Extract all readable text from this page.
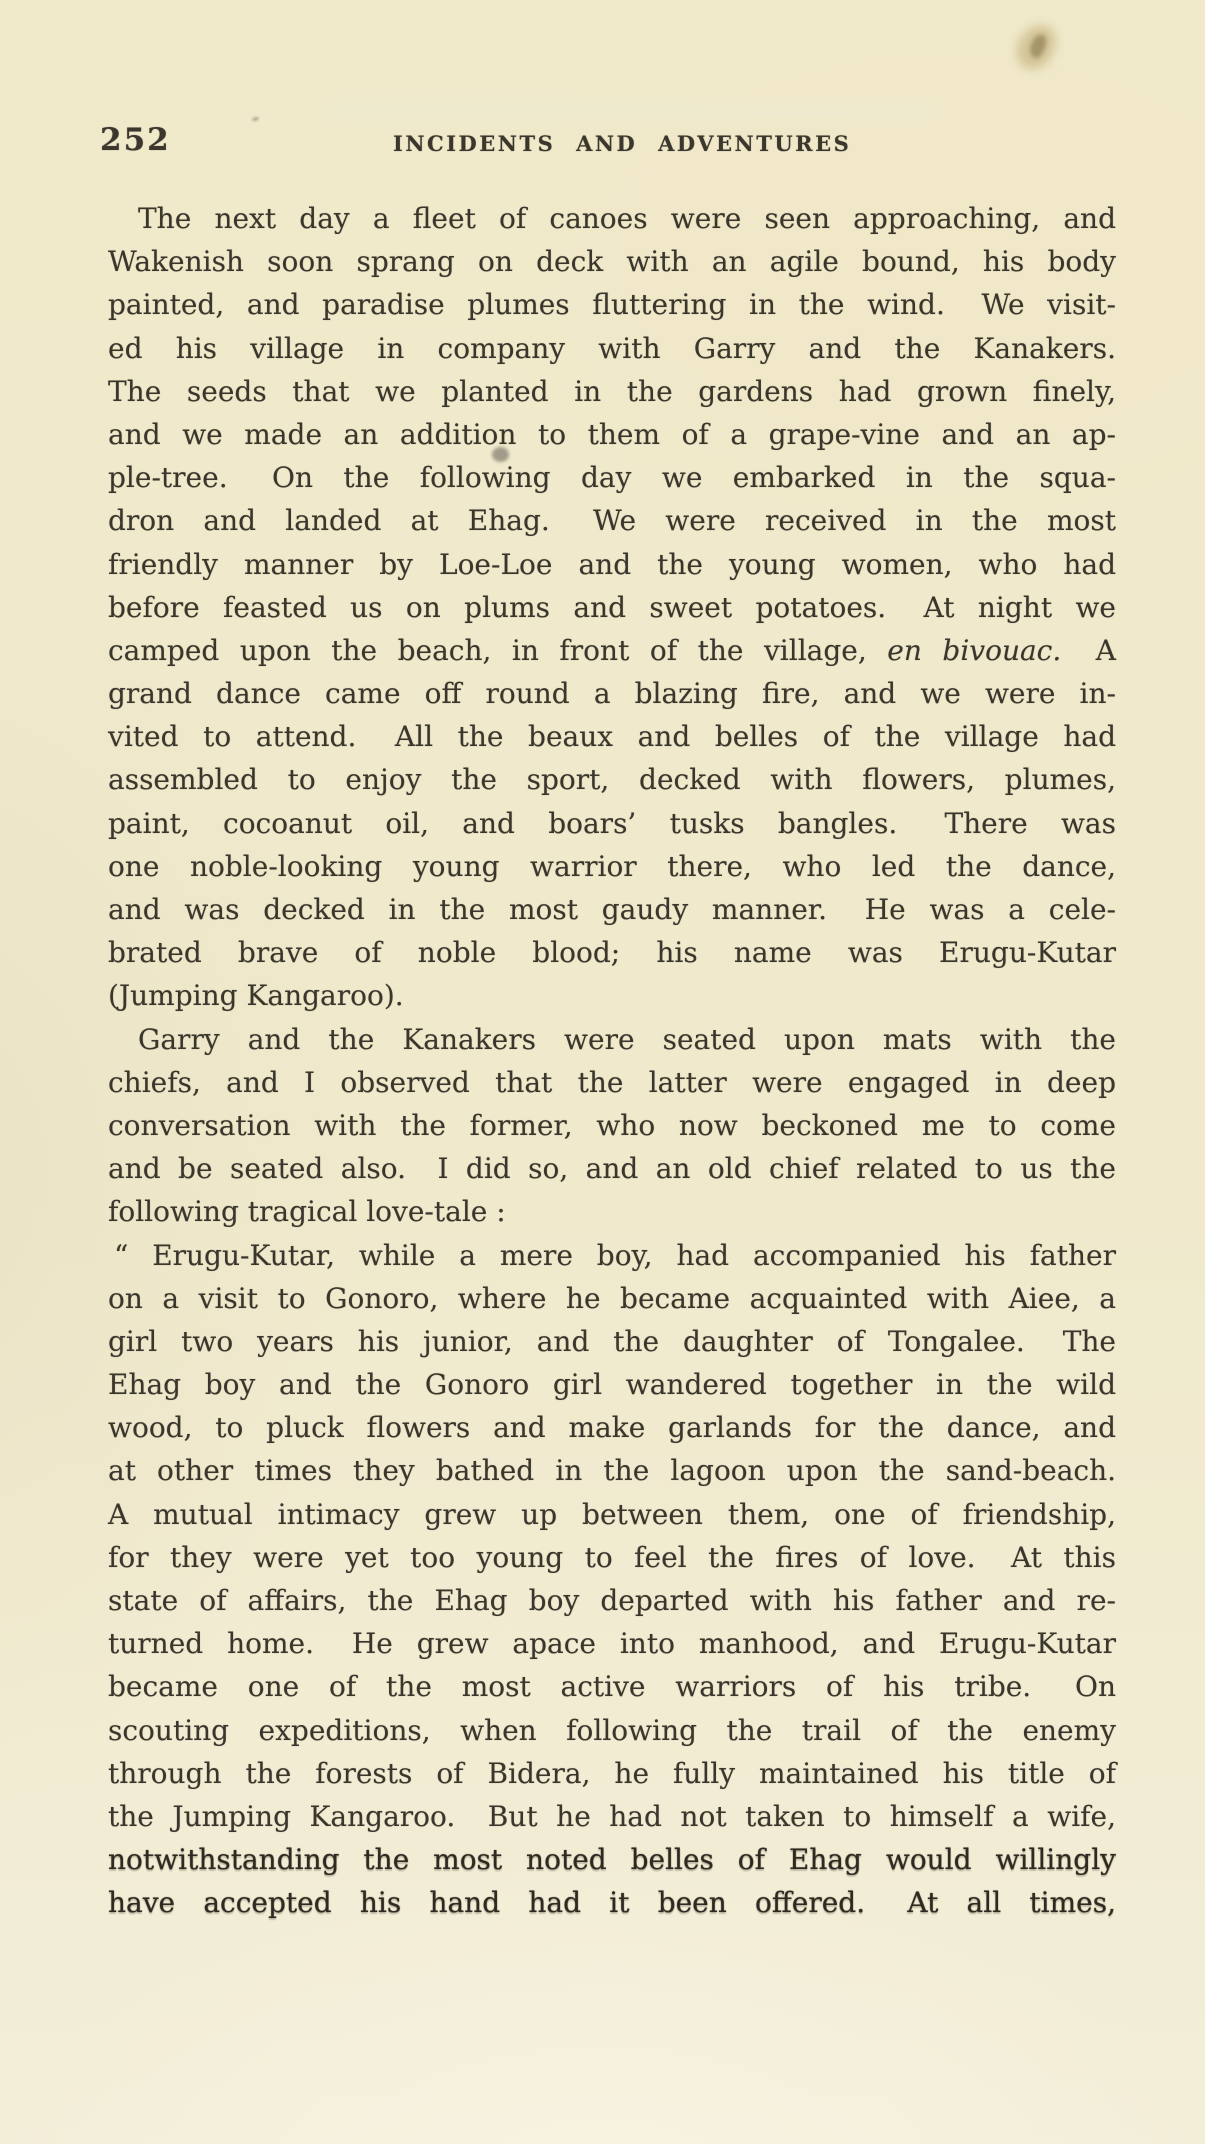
252	INCIDENTS AND ADVENTURES
The next day a fleet of canoes were seen approaching, and
Wakenish soon sprang on deck with an agile bound, his body
painted, and paradise plumes fluttering in the wind.  We visit-
ed his village in company with Garry and the Kanakers.
The seeds that we planted in the gardens had grown finely,
and we made an addition to them of a grape-vine and an ap-
ple-tree.  On the following day we embarked in the squa-
dron and landed at Ehag.  We were received in the most
friendly manner by Loe-Loe and the young women, who had
before feasted us on plums and sweet potatoes.  At night we
camped upon the beach, in front of the village, en bivouac.  A
grand dance came off round a blazing fire, and we were in-
vited to attend.  All the beaux and belles of the village had
assembled to enjoy the sport, decked with flowers, plumes,
paint, cocoanut oil, and boars’ tusks bangles.  There was
one noble-looking young warrior there, who led the dance,
and was decked in the most gaudy manner.  He was a cele-
brated brave of noble blood; his name was Erugu-Kutar
(Jumping Kangaroo).
Garry and the Kanakers were seated upon mats with the
chiefs, and I observed that the latter were engaged in deep
conversation with the former, who now beckoned me to come
and be seated also.  I did so, and an old chief related to us the
following tragical love-tale :
“ Erugu-Kutar, while a mere boy, had accompanied his father
on a visit to Gonoro, where he became acquainted with Aiee, a
girl two years his junior, and the daughter of Tongalee.  The
Ehag boy and the Gonoro girl wandered together in the wild
wood, to pluck flowers and make garlands for the dance, and
at other times they bathed in the lagoon upon the sand-beach.
A mutual intimacy grew up between them, one of friendship,
for they were yet too young to feel the fires of love.  At this
state of affairs, the Ehag boy departed with his father and re-
turned home.  He grew apace into manhood, and Erugu-Kutar
became one of the most active warriors of his tribe.  On
scouting expeditions, when following the trail of the enemy
through the forests of Bidera, he fully maintained his title of
the Jumping Kangaroo.  But he had not taken to himself a wife,
notwithstanding the most noted belles of Ehag would willingly
have accepted his hand had it been offered.  At all times,
